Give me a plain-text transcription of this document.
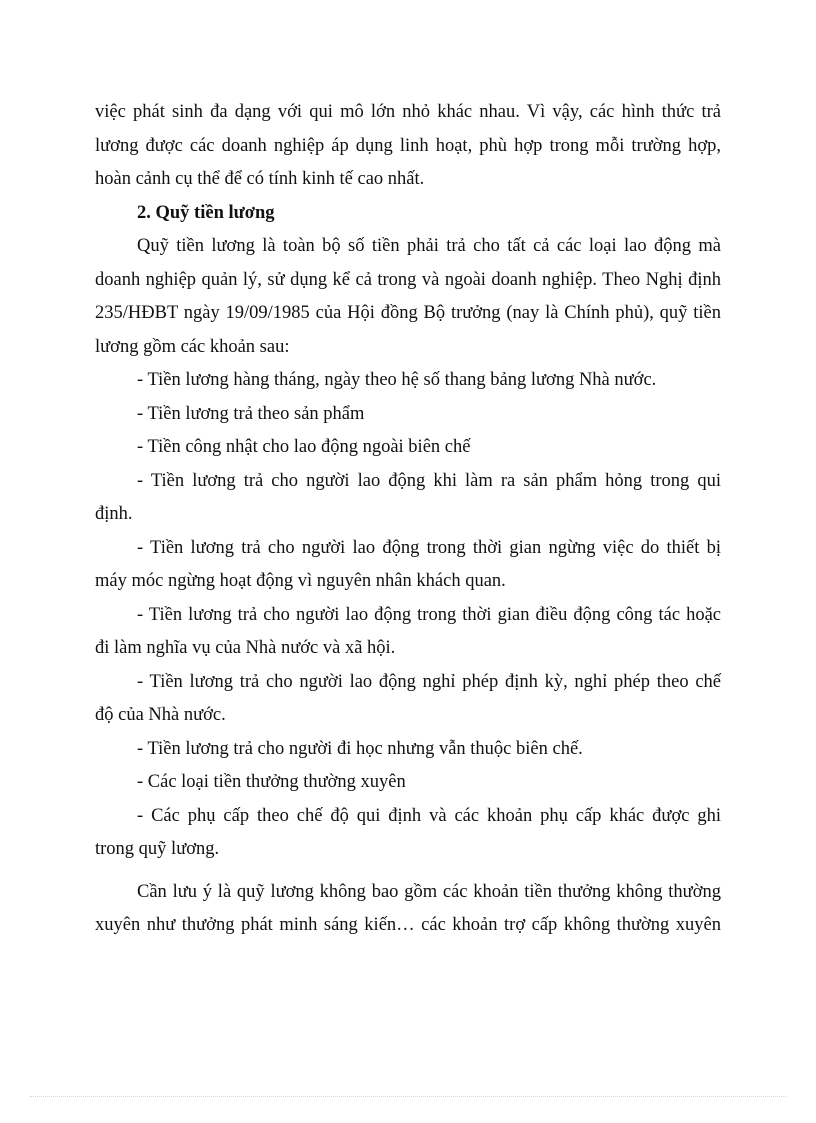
việc phát sinh đa dạng với qui mô lớn nhỏ khác nhau. Vì vậy, các hình thức trả
lương được các doanh nghiệp áp dụng linh hoạt, phù hợp trong mỗi trường hợp,
hoàn cảnh cụ thể để có tính kinh tế cao nhất.
2. Quỹ tiền lương
Quỹ tiền lương là toàn bộ số tiền phải trả cho tất cả các loại lao động mà
doanh nghiệp quản lý, sử dụng kể cả trong và ngoài doanh nghiệp. Theo Nghị định
235/HĐBT ngày 19/09/1985 của Hội đồng Bộ trưởng (nay là Chính phủ), quỹ tiền
lương gồm các khoản sau:
- Tiền lương hàng tháng, ngày theo hệ số thang bảng lương Nhà nước.
- Tiền lương trả theo sản phẩm
- Tiền công nhật cho lao động ngoài biên chế
- Tiền lương trả cho người lao động khi làm ra sản phẩm hỏng trong qui
định.
- Tiền lương trả cho người lao động trong thời gian ngừng việc do thiết bị
máy móc ngừng hoạt động vì nguyên nhân khách quan.
- Tiền lương trả cho người lao động trong thời gian điều động công tác hoặc
đi làm nghĩa vụ của Nhà nước và xã hội.
- Tiền lương trả cho người lao động nghỉ phép định kỳ, nghỉ phép theo chế
độ của Nhà nước.
- Tiền lương trả cho người đi học nhưng vẫn thuộc biên chế.
- Các loại tiền thưởng thường xuyên
- Các phụ cấp theo chế độ qui định và các khoản phụ cấp khác được ghi
trong quỹ lương.
Cần lưu ý là quỹ lương không bao gồm các khoản tiền thưởng không thường
xuyên như thưởng phát minh sáng kiến… các khoản trợ cấp không thường xuyên
